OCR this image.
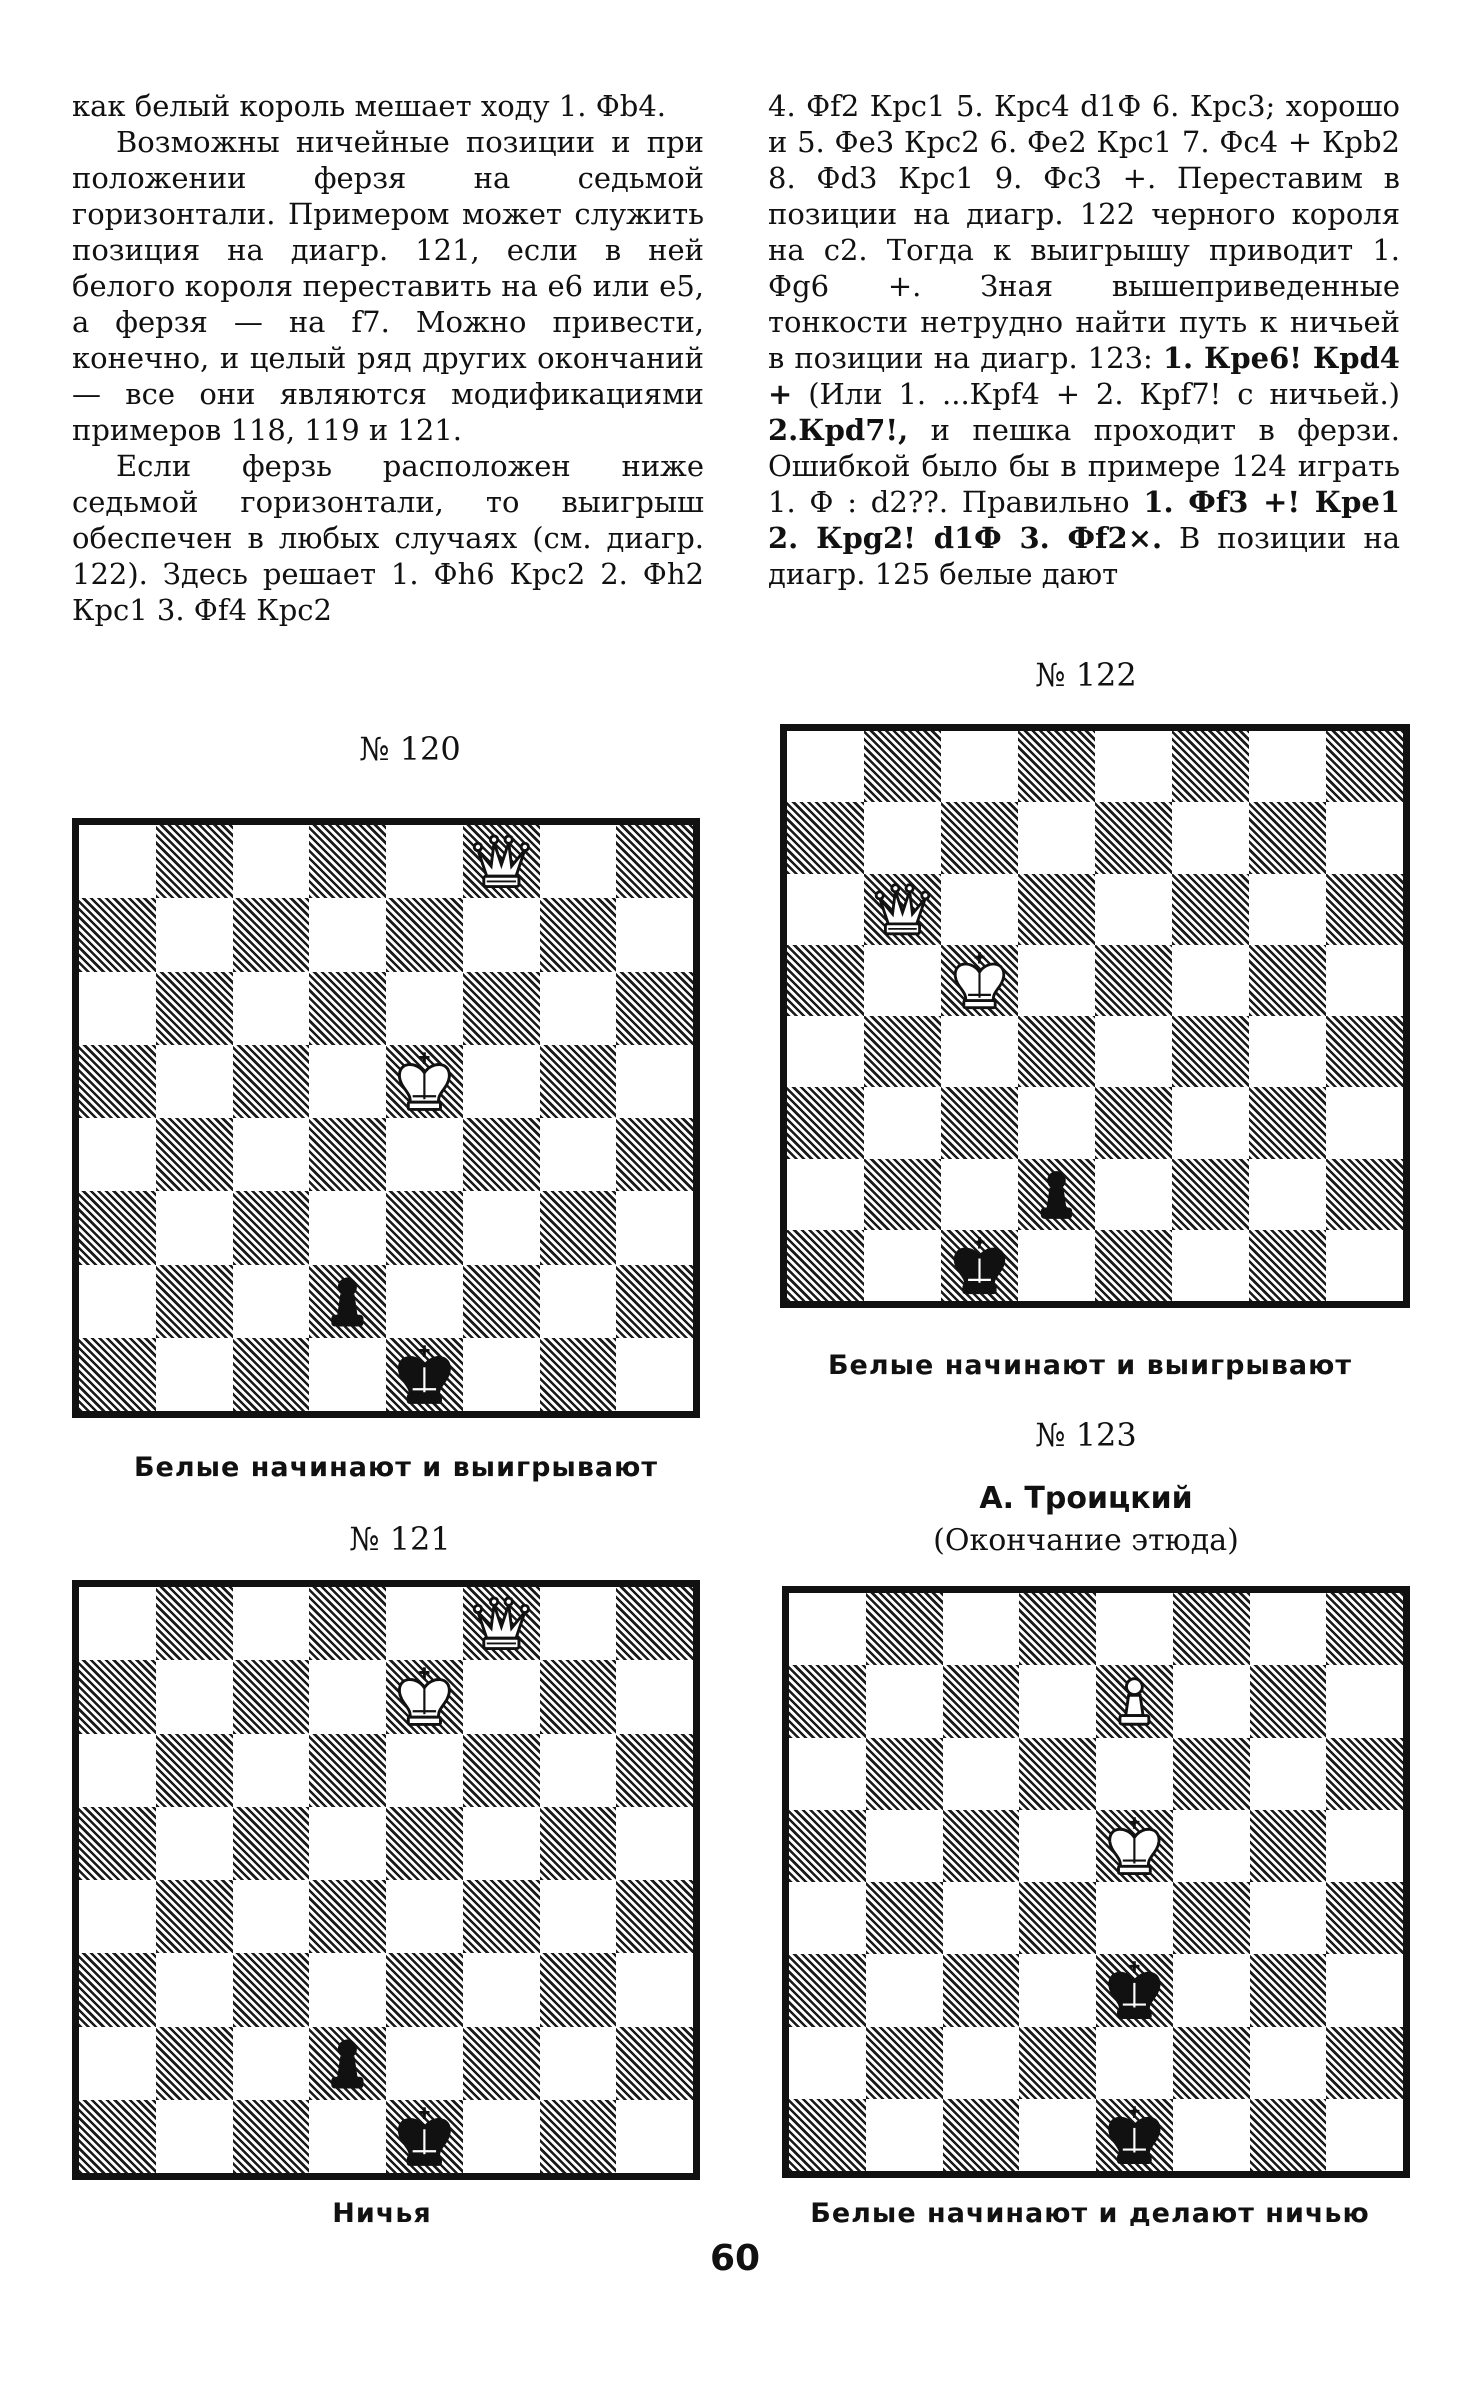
как белый король мешает ходу 1. Фb4.

Возможны ничейные позиции и при положении ферзя на седьмой горизонтали. Примером может служить позиция на диагр. 121, если в ней белого короля переставить на е6 или е5, а ферзя — на f7. Можно привести, конечно, и целый ряд других окончаний — все они являются модификациями примеров 118, 119 и 121.

Если ферзь расположен ниже седьмой горизонтали, то выигрыш обеспечен в любых случаях (см. диагр. 122). Здесь решает 1. Фh6 Крс2 2. Фh2 Крс1 3. Фf4 Крс2

4. Фf2 Крс1 5. Крс4 d1Ф 6. Крс3; хорошо и 5. Фе3 Крс2 6. Фе2 Крс1 7. Фс4 + Крb2 8. Фd3 Крс1 9. Фс3 +. Переставим в позиции на диагр. 122 черного короля на с2. Тогда к выигрышу приводит 1. Фg6 +. Зная вышеприведенные тонкости нетрудно найти путь к ничьей в позиции на диагр. 123: 1. Кре6! Крd4 + (Или 1. ...Крf4 + 2. Крf7! с ничьей.) 2.Крd7!, и пешка проходит в ферзи. Ошибкой было бы в примере 124 играть 1. Ф : d2??. Правильно 1. Фf3 +! Кре1 2. Крg2! d1Ф 3. Фf2×. В позиции на диагр. 125 белые дают

№ 120
Белые начинают и выигрывают
№ 121
Ничья
№ 122
Белые начинают и выигрывают
№ 123
А. Троицкий
(Окончание этюда)
Белые начинают и делают ничью
60
